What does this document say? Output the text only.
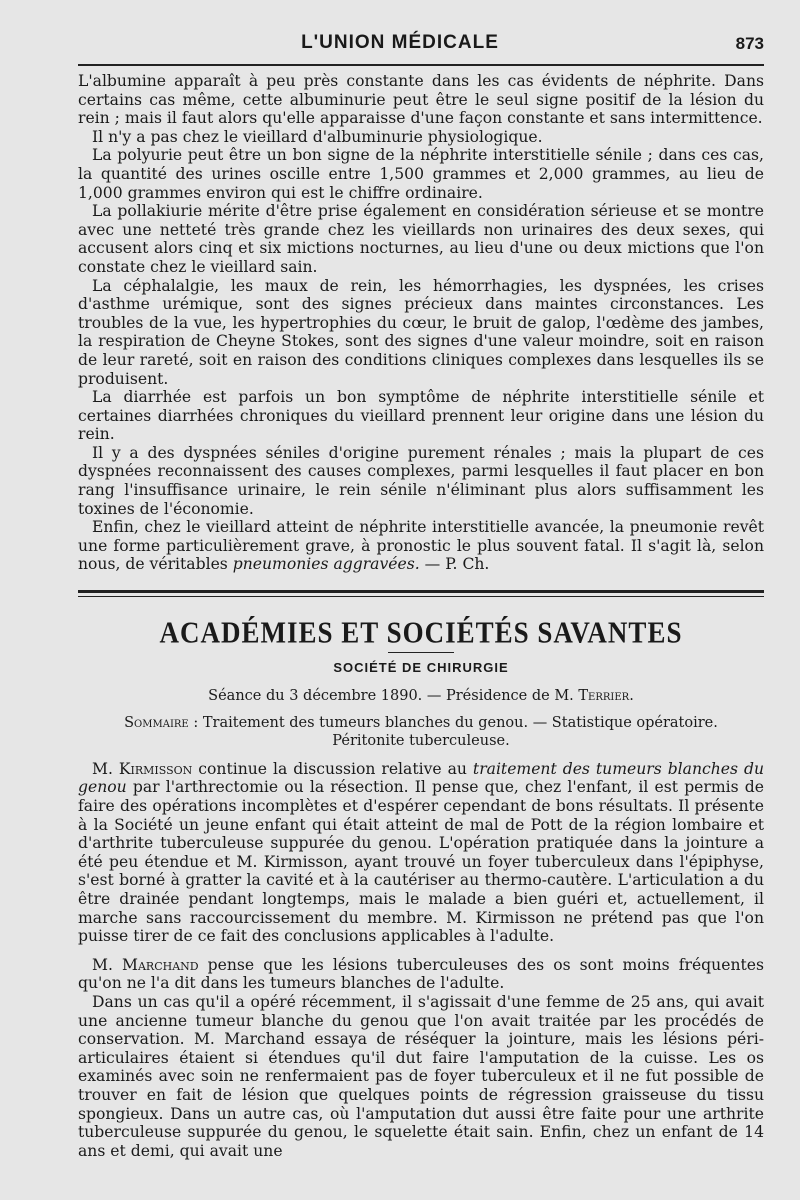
L'UNION MÉDICALE	873

L'albumine apparaît à peu près constante dans les cas évidents de néphrite. Dans certains cas même, cette albuminurie peut être le seul signe positif de la lésion du rein ; mais il faut alors qu'elle apparaisse d'une façon constante et sans intermittence.

Il n'y a pas chez le vieillard d'albuminurie physiologique.

La polyurie peut être un bon signe de la néphrite interstitielle sénile ; dans ces cas, la quantité des urines oscille entre 1,500 grammes et 2,000 grammes, au lieu de 1,000 grammes environ qui est le chiffre ordinaire.

La pollakiurie mérite d'être prise également en considération sérieuse et se montre avec une netteté très grande chez les vieillards non urinaires des deux sexes, qui accusent alors cinq et six mictions nocturnes, au lieu d'une ou deux mictions que l'on constate chez le vieillard sain.

La céphalalgie, les maux de rein, les hémorrhagies, les dyspnées, les crises d'asthme urémique, sont des signes précieux dans maintes circonstances. Les troubles de la vue, les hypertrophies du cœur, le bruit de galop, l'œdème des jambes, la respiration de Cheyne Stokes, sont des signes d'une valeur moindre, soit en raison de leur rareté, soit en raison des conditions cliniques complexes dans lesquelles ils se produisent.

La diarrhée est parfois un bon symptôme de néphrite interstitielle sénile et certaines diarrhées chroniques du vieillard prennent leur origine dans une lésion du rein.

Il y a des dyspnées séniles d'origine purement rénales ; mais la plupart de ces dyspnées reconnaissent des causes complexes, parmi lesquelles il faut placer en bon rang l'insuffisance urinaire, le rein sénile n'éliminant plus alors suffisamment les toxines de l'économie.

Enfin, chez le vieillard atteint de néphrite interstitielle avancée, la pneumonie revêt une forme particulièrement grave, à pronostic le plus souvent fatal. Il s'agit là, selon nous, de véritables pneumonies aggravées. — P. Ch.

ACADÉMIES ET SOCIÉTÉS SAVANTES
SOCIÉTÉ DE CHIRURGIE
Séance du 3 décembre 1890. — Présidence de M. Terrier.
Sommaire : Traitement des tumeurs blanches du genou. — Statistique opératoire.
Péritonite tuberculeuse.

M. Kirmisson continue la discussion relative au traitement des tumeurs blanches du genou par l'arthrectomie ou la résection. Il pense que, chez l'enfant, il est permis de faire des opérations incomplètes et d'espérer cependant de bons résultats. Il présente à la Société un jeune enfant qui était atteint de mal de Pott de la région lombaire et d'arthrite tuberculeuse suppurée du genou. L'opération pratiquée dans la jointure a été peu étendue et M. Kirmisson, ayant trouvé un foyer tuberculeux dans l'épiphyse, s'est borné à gratter la cavité et à la cautériser au thermo-cautère. L'articulation a du être drainée pendant longtemps, mais le malade a bien guéri et, actuellement, il marche sans raccourcissement du membre. M. Kirmisson ne prétend pas que l'on puisse tirer de ce fait des conclusions applicables à l'adulte.

M. Marchand pense que les lésions tuberculeuses des os sont moins fréquentes qu'on ne l'a dit dans les tumeurs blanches de l'adulte.

Dans un cas qu'il a opéré récemment, il s'agissait d'une femme de 25 ans, qui avait une ancienne tumeur blanche du genou que l'on avait traitée par les procédés de conservation. M. Marchand essaya de réséquer la jointure, mais les lésions péri-articulaires étaient si étendues qu'il dut faire l'amputation de la cuisse. Les os examinés avec soin ne renfermaient pas de foyer tuberculeux et il ne fut possible de trouver en fait de lésion que quelques points de régression graisseuse du tissu spongieux. Dans un autre cas, où l'amputation dut aussi être faite pour une arthrite tuberculeuse suppurée du genou, le squelette était sain. Enfin, chez un enfant de 14 ans et demi, qui avait une
